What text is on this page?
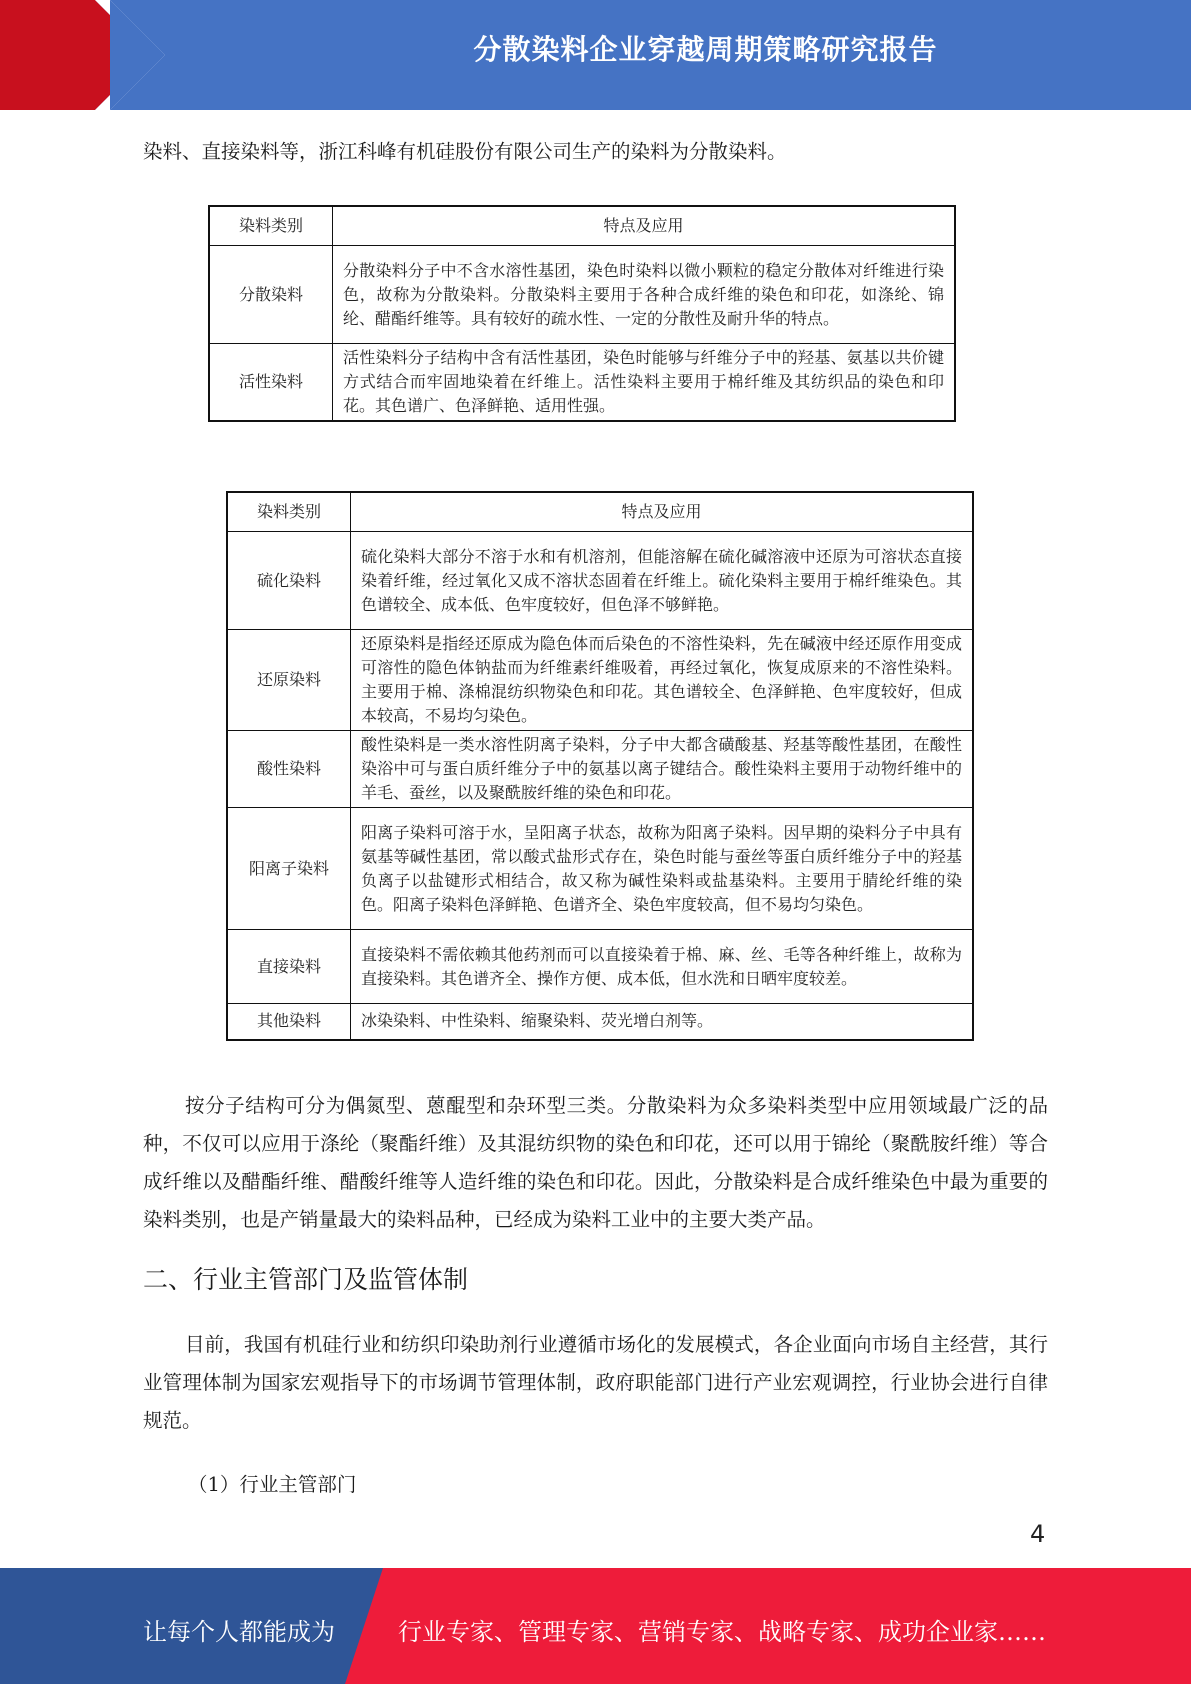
分散染料企业穿越周期策略研究报告
染料、直接染料等，浙江科峰有机硅股份有限公司生产的染料为分散染料。
染料类别	特点及应用
分散染料	分散染料分子中不含水溶性基团，染色时染料以微小颗粒的稳定分散体对纤维进行染色，故称为分散染料。分散染料主要用于各种合成纤维的染色和印花，如涤纶、锦纶、醋酯纤维等。具有较好的疏水性、一定的分散性及耐升华的特点。
活性染料	活性染料分子结构中含有活性基团，染色时能够与纤维分子中的羟基、氨基以共价键方式结合而牢固地染着在纤维上。活性染料主要用于棉纤维及其纺织品的染色和印花。其色谱广、色泽鲜艳、适用性强。
染料类别	特点及应用
硫化染料	硫化染料大部分不溶于水和有机溶剂，但能溶解在硫化碱溶液中还原为可溶状态直接染着纤维，经过氧化又成不溶状态固着在纤维上。硫化染料主要用于棉纤维染色。其色谱较全、成本低、色牢度较好，但色泽不够鲜艳。
还原染料	还原染料是指经还原成为隐色体而后染色的不溶性染料，先在碱液中经还原作用变成可溶性的隐色体钠盐而为纤维素纤维吸着，再经过氧化，恢复成原来的不溶性染料。主要用于棉、涤棉混纺织物染色和印花。其色谱较全、色泽鲜艳、色牢度较好，但成本较高，不易均匀染色。
酸性染料	酸性染料是一类水溶性阴离子染料，分子中大都含磺酸基、羟基等酸性基团，在酸性染浴中可与蛋白质纤维分子中的氨基以离子键结合。酸性染料主要用于动物纤维中的羊毛、蚕丝，以及聚酰胺纤维的染色和印花。
阳离子染料	阳离子染料可溶于水，呈阳离子状态，故称为阳离子染料。因早期的染料分子中具有氨基等碱性基团，常以酸式盐形式存在，染色时能与蚕丝等蛋白质纤维分子中的羟基负离子以盐键形式相结合，故又称为碱性染料或盐基染料。主要用于腈纶纤维的染色。阳离子染料色泽鲜艳、色谱齐全、染色牢度较高，但不易均匀染色。
直接染料	直接染料不需依赖其他药剂而可以直接染着于棉、麻、丝、毛等各种纤维上，故称为直接染料。其色谱齐全、操作方便、成本低，但水洗和日晒牢度较差。
其他染料	冰染染料、中性染料、缩聚染料、荧光增白剂等。
按分子结构可分为偶氮型、蒽醌型和杂环型三类。分散染料为众多染料类型中应用领域最广泛的品种，不仅可以应用于涤纶（聚酯纤维）及其混纺织物的染色和印花，还可以用于锦纶（聚酰胺纤维）等合成纤维以及醋酯纤维、醋酸纤维等人造纤维的染色和印花。因此，分散染料是合成纤维染色中最为重要的染料类别，也是产销量最大的染料品种，已经成为染料工业中的主要大类产品。
二、行业主管部门及监管体制
目前，我国有机硅行业和纺织印染助剂行业遵循市场化的发展模式，各企业面向市场自主经营，其行业管理体制为国家宏观指导下的市场调节管理体制，政府职能部门进行产业宏观调控，行业协会进行自律规范。
（1）行业主管部门
4
让每个人都能成为	行业专家、管理专家、营销专家、战略专家、成功企业家……
